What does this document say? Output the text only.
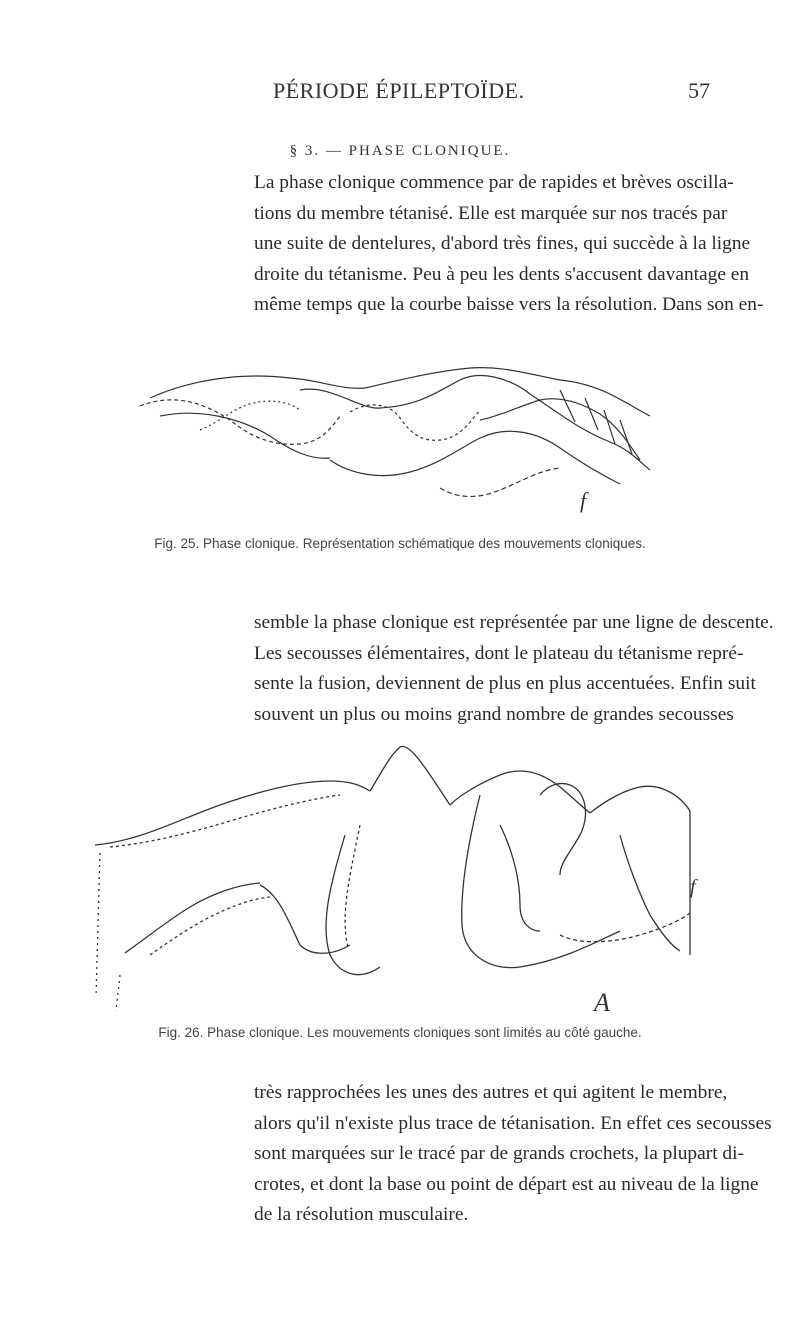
PÉRIODE ÉPILEPTOÏDE.	57
§ 3. — PHASE CLONIQUE.
La phase clonique commence par de rapides et brèves oscilla-
tions du membre tétanisé. Elle est marquée sur nos tracés par
une suite de dentelures, d'abord très fines, qui succède à la ligne
droite du tétanisme. Peu à peu les dents s'accusent davantage en
même temps que la courbe baisse vers la résolution. Dans son en-
f
Fig. 25. Phase clonique. Représentation schématique des mouvements cloniques.
semble la phase clonique est représentée par une ligne de descente.
Les secousses élémentaires, dont le plateau du tétanisme repré-
sente la fusion, deviennent de plus en plus accentuées. Enfin suit
souvent un plus ou moins grand nombre de grandes secousses
f
A
Fig. 26. Phase clonique. Les mouvements cloniques sont limités au côté gauche.
très rapprochées les unes des autres et qui agitent le membre,
alors qu'il n'existe plus trace de tétanisation. En effet ces secousses
sont marquées sur le tracé par de grands crochets, la plupart di-
crotes, et dont la base ou point de départ est au niveau de la ligne
de la résolution musculaire.
